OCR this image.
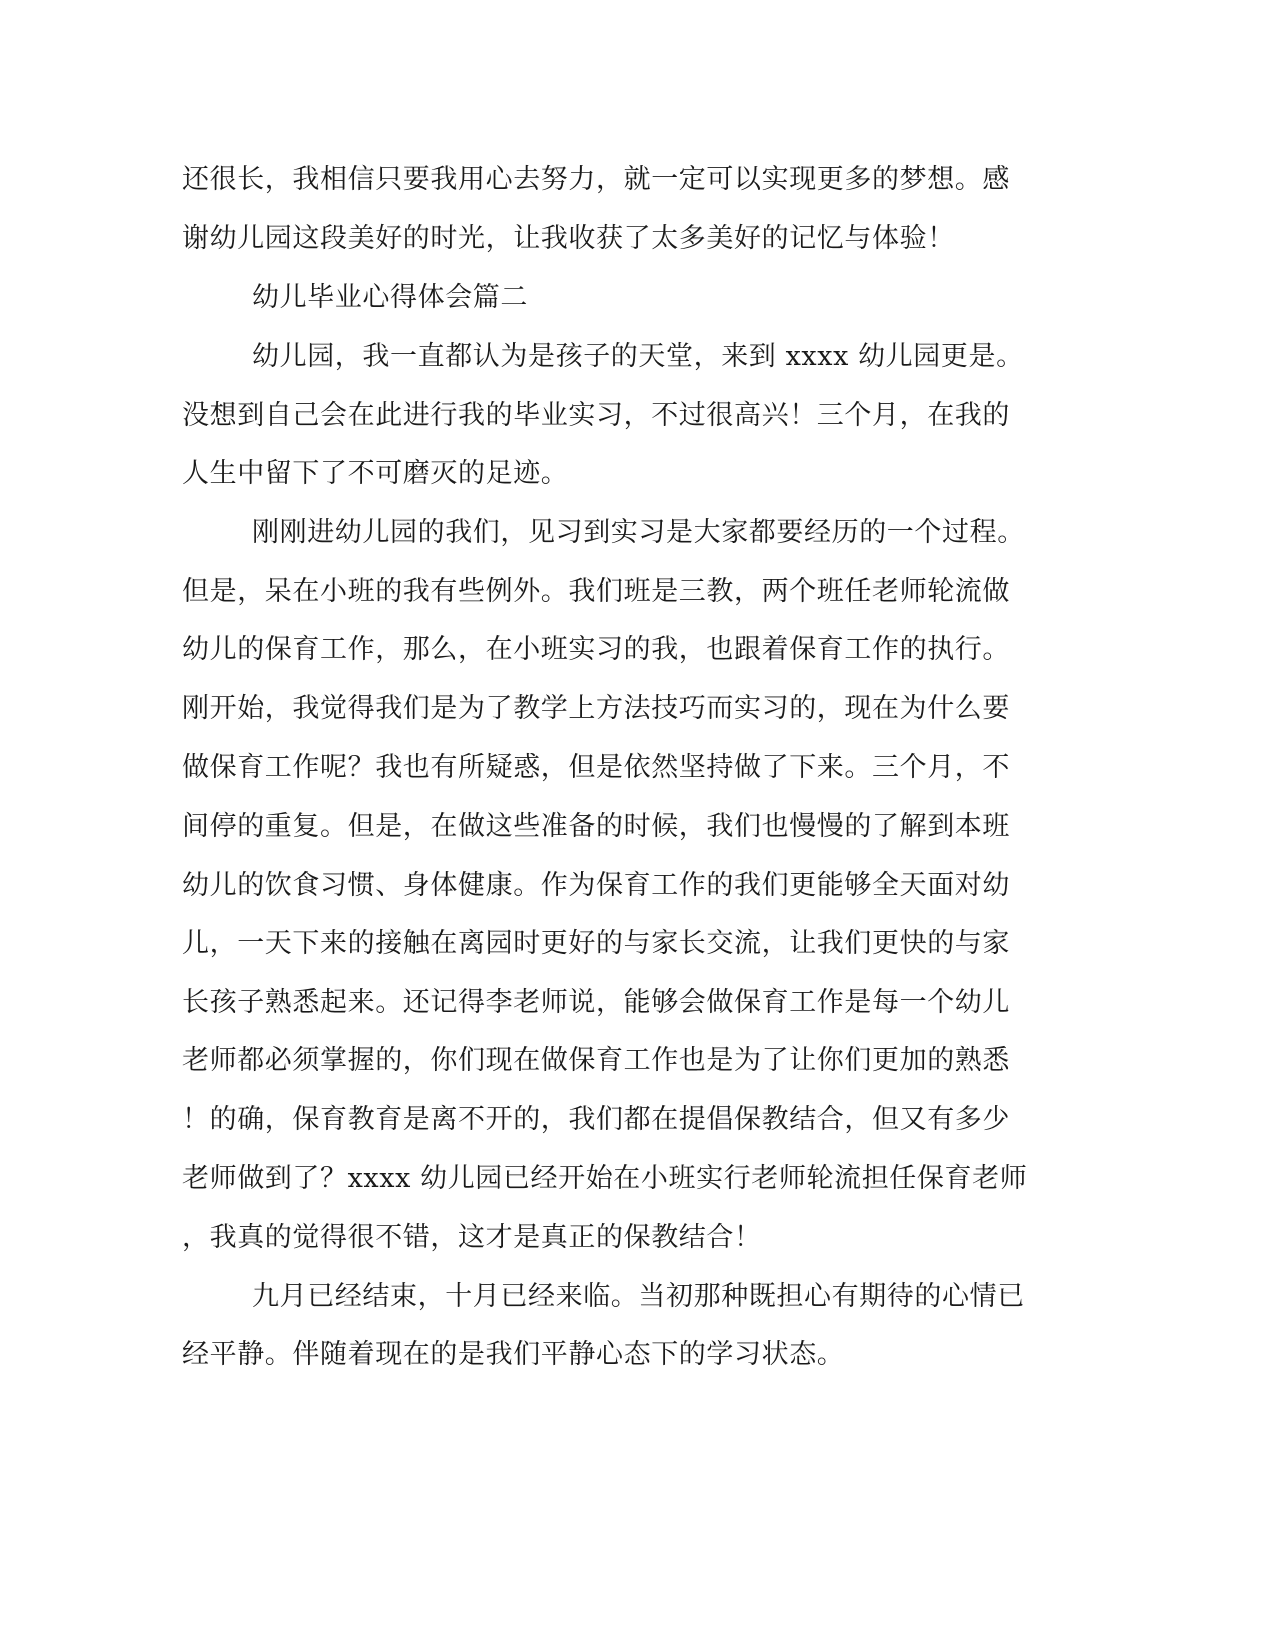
还很长，我相信只要我用心去努力，就一定可以实现更多的梦想。感
谢幼儿园这段美好的时光，让我收获了太多美好的记忆与体验！
幼儿毕业心得体会篇二
幼儿园，我一直都认为是孩子的天堂，来到 xxxx 幼儿园更是。
没想到自己会在此进行我的毕业实习，不过很高兴！三个月，在我的
人生中留下了不可磨灭的足迹。
刚刚进幼儿园的我们，见习到实习是大家都要经历的一个过程。
但是，呆在小班的我有些例外。我们班是三教，两个班任老师轮流做
幼儿的保育工作，那么，在小班实习的我，也跟着保育工作的执行。
刚开始，我觉得我们是为了教学上方法技巧而实习的，现在为什么要
做保育工作呢？我也有所疑惑，但是依然坚持做了下来。三个月，不
间停的重复。但是，在做这些准备的时候，我们也慢慢的了解到本班
幼儿的饮食习惯、身体健康。作为保育工作的我们更能够全天面对幼
儿，一天下来的接触在离园时更好的与家长交流，让我们更快的与家
长孩子熟悉起来。还记得李老师说，能够会做保育工作是每一个幼儿
老师都必须掌握的，你们现在做保育工作也是为了让你们更加的熟悉
！的确，保育教育是离不开的，我们都在提倡保教结合，但又有多少
老师做到了？xxxx 幼儿园已经开始在小班实行老师轮流担任保育老师
，我真的觉得很不错，这才是真正的保教结合！
九月已经结束，十月已经来临。当初那种既担心有期待的心情已
经平静。伴随着现在的是我们平静心态下的学习状态。
